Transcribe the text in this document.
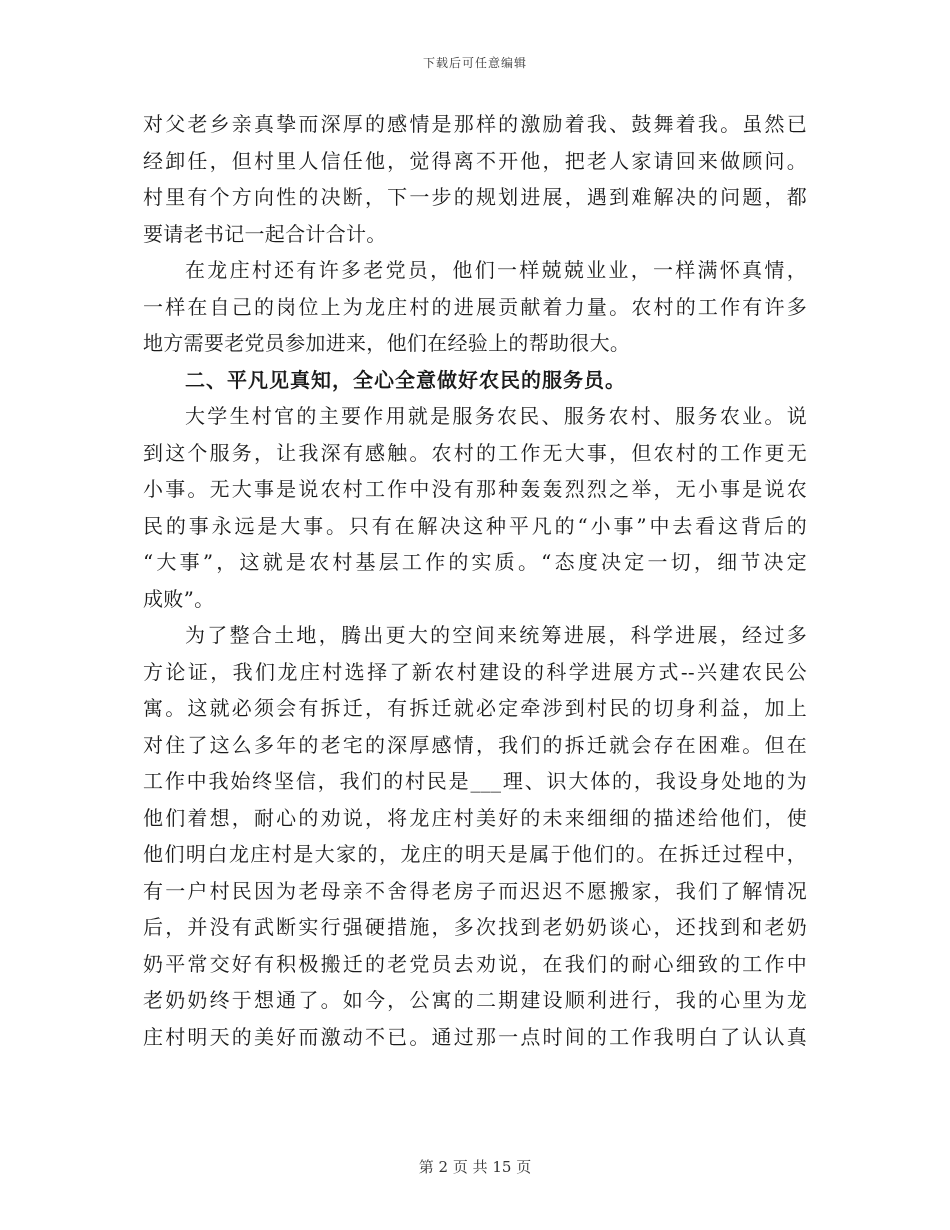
下载后可任意编辑
对父老乡亲真挚而深厚的感情是那样的激励着我、鼓舞着我。虽然已
经卸任，但村里人信任他，觉得离不开他，把老人家请回来做顾问。
村里有个方向性的决断，下一步的规划进展，遇到难解决的问题，都
要请老书记一起合计合计。
在龙庄村还有许多老党员，他们一样兢兢业业，一样满怀真情，
一样在自己的岗位上为龙庄村的进展贡献着力量。农村的工作有许多
地方需要老党员参加进来，他们在经验上的帮助很大。
二、平凡见真知，全心全意做好农民的服务员。
大学生村官的主要作用就是服务农民、服务农村、服务农业。说
到这个服务，让我深有感触。农村的工作无大事，但农村的工作更无
小事。无大事是说农村工作中没有那种轰轰烈烈之举，无小事是说农
民的事永远是大事。只有在解决这种平凡的“小事”中去看这背后的
“大事”，这就是农村基层工作的实质。“态度决定一切，细节决定
成败”。
为了整合土地，腾出更大的空间来统筹进展，科学进展，经过多
方论证，我们龙庄村选择了新农村建设的科学进展方式--兴建农民公
寓。这就必须会有拆迁，有拆迁就必定牵涉到村民的切身利益，加上
对住了这么多年的老宅的深厚感情，我们的拆迁就会存在困难。但在
工作中我始终坚信，我们的村民是___理、识大体的，我设身处地的为
他们着想，耐心的劝说，将龙庄村美好的未来细细的描述给他们，使
他们明白龙庄村是大家的，龙庄的明天是属于他们的。在拆迁过程中，
有一户村民因为老母亲不舍得老房子而迟迟不愿搬家，我们了解情况
后，并没有武断实行强硬措施，多次找到老奶奶谈心，还找到和老奶
奶平常交好有积极搬迁的老党员去劝说，在我们的耐心细致的工作中
老奶奶终于想通了。如今，公寓的二期建设顺利进行，我的心里为龙
庄村明天的美好而激动不已。通过那一点时间的工作我明白了认认真
第 2 页 共 15 页
